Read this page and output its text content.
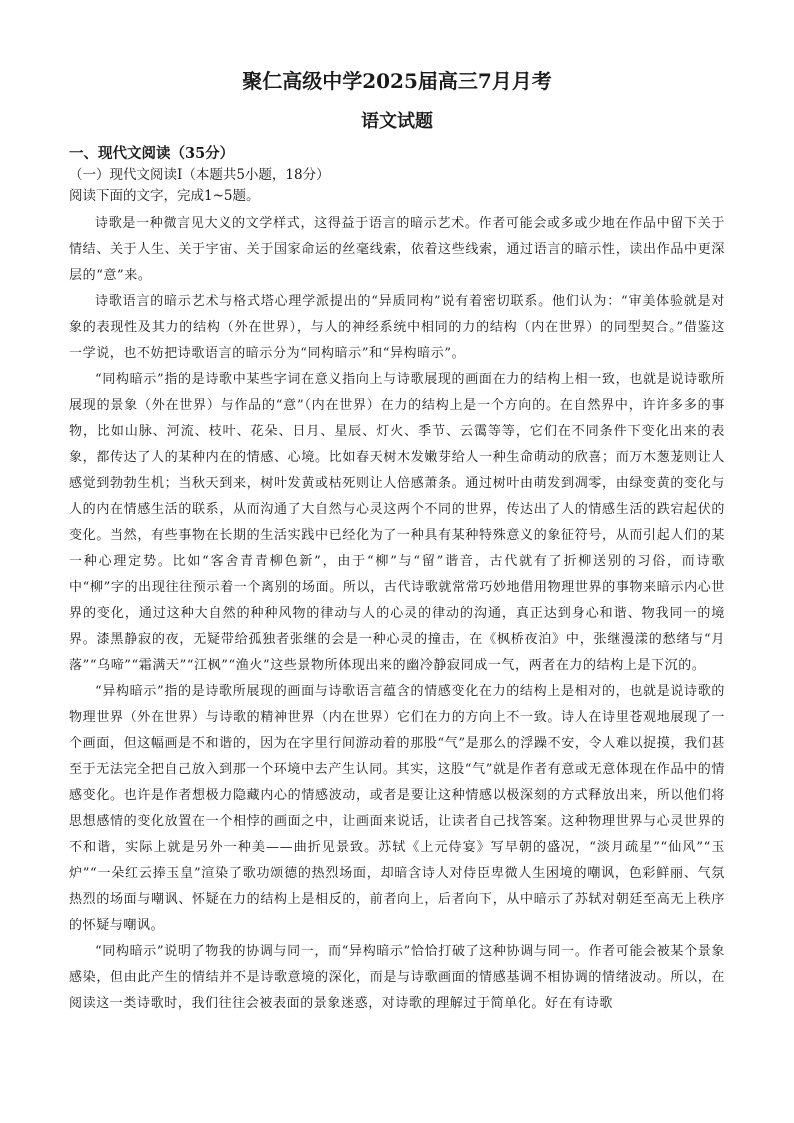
聚仁高级中学2025届高三7月月考
语文试题

一、现代文阅读（35分）

（一）现代文阅读Ⅰ（本题共5小题，18分）

阅读下面的文字，完成1~5题。

诗歌是一种微言见大义的文学样式，这得益于语言的暗示艺术。作者可能会或多或少地在作品中留下关于情结、关于人生、关于宇宙、关于国家命运的丝毫线索，依着这些线索，通过语言的暗示性，读出作品中更深层的“意”来。

诗歌语言的暗示艺术与格式塔心理学派提出的“异质同构”说有着密切联系。他们认为：“审美体验就是对象的表现性及其力的结构（外在世界），与人的神经系统中相同的力的结构（内在世界）的同型契合。”借鉴这一学说，也不妨把诗歌语言的暗示分为“同构暗示”和“异构暗示”。

“同构暗示”指的是诗歌中某些字词在意义指向上与诗歌展现的画面在力的结构上相一致，也就是说诗歌所展现的景象（外在世界）与作品的“意”（内在世界）在力的结构上是一个方向的。在自然界中，许许多多的事物，比如山脉、河流、枝叶、花朵、日月、星辰、灯火、季节、云霭等等，它们在不同条件下变化出来的表象，都传达了人的某种内在的情感、心境。比如春天树木发嫩芽给人一种生命萌动的欣喜；而万木葱茏则让人感觉到勃勃生机；当秋天到来，树叶发黄或枯死则让人倍感萧条。通过树叶由萌发到凋零，由绿变黄的变化与人的内在情感生活的联系，从而沟通了大自然与心灵这两个不同的世界，传达出了人的情感生活的跌宕起伏的变化。当然，有些事物在长期的生活实践中已经化为了一种具有某种特殊意义的象征符号，从而引起人们的某一种心理定势。比如“客舍青青柳色新”，由于“柳”与“留”谐音，古代就有了折柳送别的习俗，而诗歌中“柳”字的出现往往预示着一个离别的场面。所以，古代诗歌就常常巧妙地借用物理世界的事物来暗示内心世界的变化，通过这种大自然的种种风物的律动与人的心灵的律动的沟通，真正达到身心和谐、物我同一的境界。漆黑静寂的夜，无疑带给孤独者张继的会是一种心灵的撞击，在《枫桥夜泊》中，张继漫漾的愁绪与“月落”“乌啼”“霜满天”“江枫”“渔火”这些景物所体现出来的幽冷静寂同成一气，两者在力的结构上是下沉的。

“异构暗示”指的是诗歌所展现的画面与诗歌语言蕴含的情感变化在力的结构上是相对的，也就是说诗歌的物理世界（外在世界）与诗歌的精神世界（内在世界）它们在力的方向上不一致。诗人在诗里苍观地展现了一个画面，但这幅画是不和谐的，因为在字里行间游动着的那股“气”是那么的浮躁不安，令人难以捉摸，我们甚至于无法完全把自己放入到那一个环境中去产生认同。其实，这股“气”就是作者有意或无意体现在作品中的情感变化。也许是作者想极力隐藏内心的情感波动，或者是要让这种情感以极深刻的方式释放出来，所以他们将思想感情的变化放置在一个相悖的画面之中，让画面来说话，让读者自己找答案。这种物理世界与心灵世界的不和谐，实际上就是另外一种美——曲折见景致。苏轼《上元侍宴》写早朝的盛况，“淡月疏星”“仙风”“玉炉”“一朵红云捧玉皇”渲染了歌功颂德的热烈场面，却暗含诗人对侍臣卑微人生困境的嘲讽，色彩鲜丽、气氛热烈的场面与嘲讽、怀疑在力的结构上是相反的，前者向上，后者向下，从中暗示了苏轼对朝廷至高无上秩序的怀疑与嘲讽。

“同构暗示”说明了物我的协调与同一，而“异构暗示”恰恰打破了这种协调与同一。作者可能会被某个景象感染，但由此产生的情结并不是诗歌意境的深化，而是与诗歌画面的情感基调不相协调的情绪波动。所以，在阅读这一类诗歌时，我们往往会被表面的景象迷惑，对诗歌的理解过于简单化。好在有诗歌
